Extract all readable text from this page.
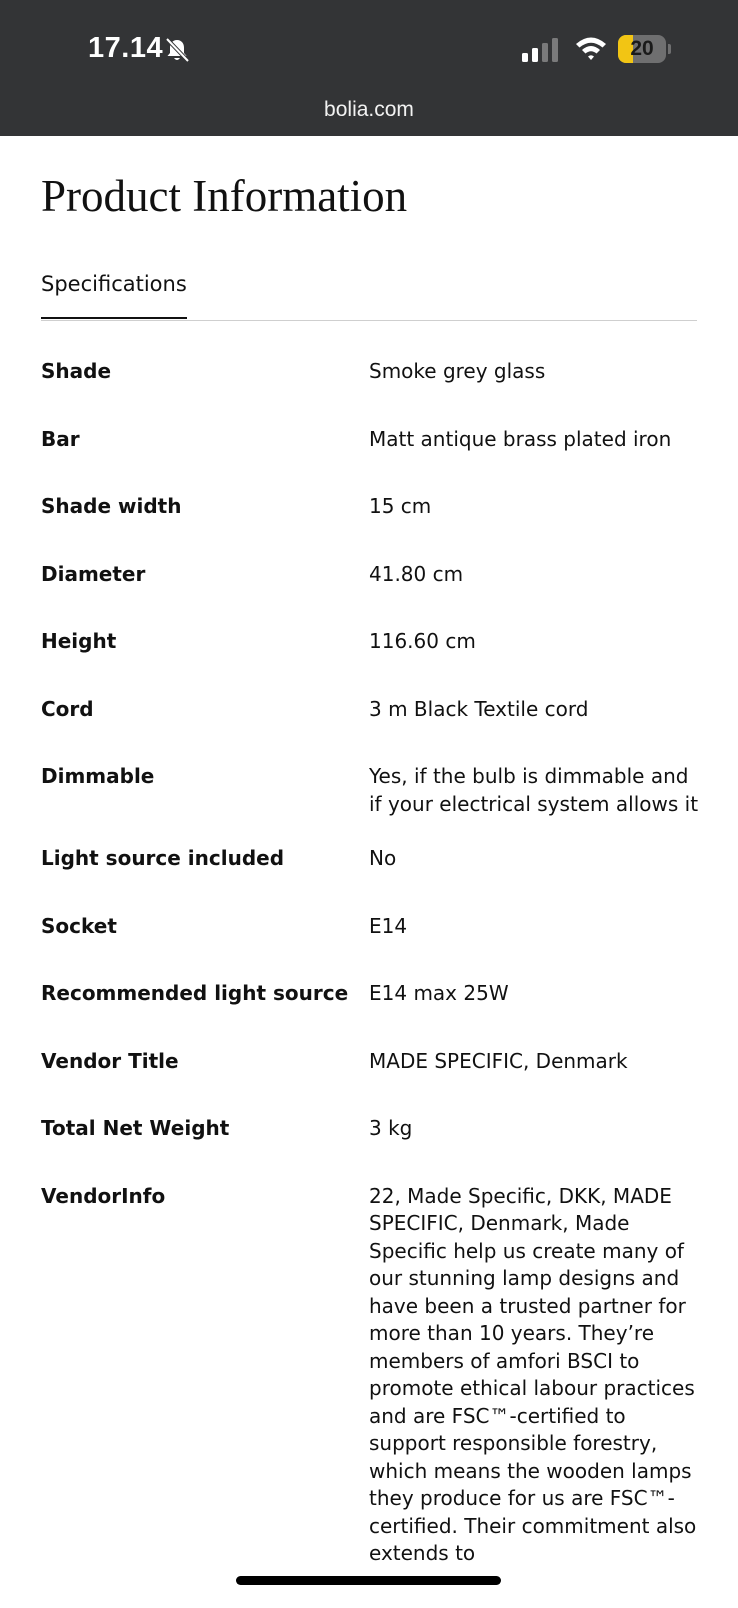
17.14	20
bolia.com
Product Information
Specifications
Shade	Smoke grey glass
Bar	Matt antique brass plated iron
Shade width	15 cm
Diameter	41.80 cm
Height	116.60 cm
Cord	3 m Black Textile cord
Dimmable	Yes, if the bulb is dimmable and if your electrical system allows it
Light source included	No
Socket	E14
Recommended light source	E14 max 25W
Vendor Title	MADE SPECIFIC, Denmark
Total Net Weight	3 kg
VendorInfo	22, Made Specific, DKK, MADE SPECIFIC, Denmark, Made Specific help us create many of our stunning lamp designs and have been a trusted partner for more than 10 years. They’re members of amfori BSCI to promote ethical labour practices and are FSC™-certified to support responsible forestry, which means the wooden lamps they produce for us are FSC™-certified. Their commitment also extends to
